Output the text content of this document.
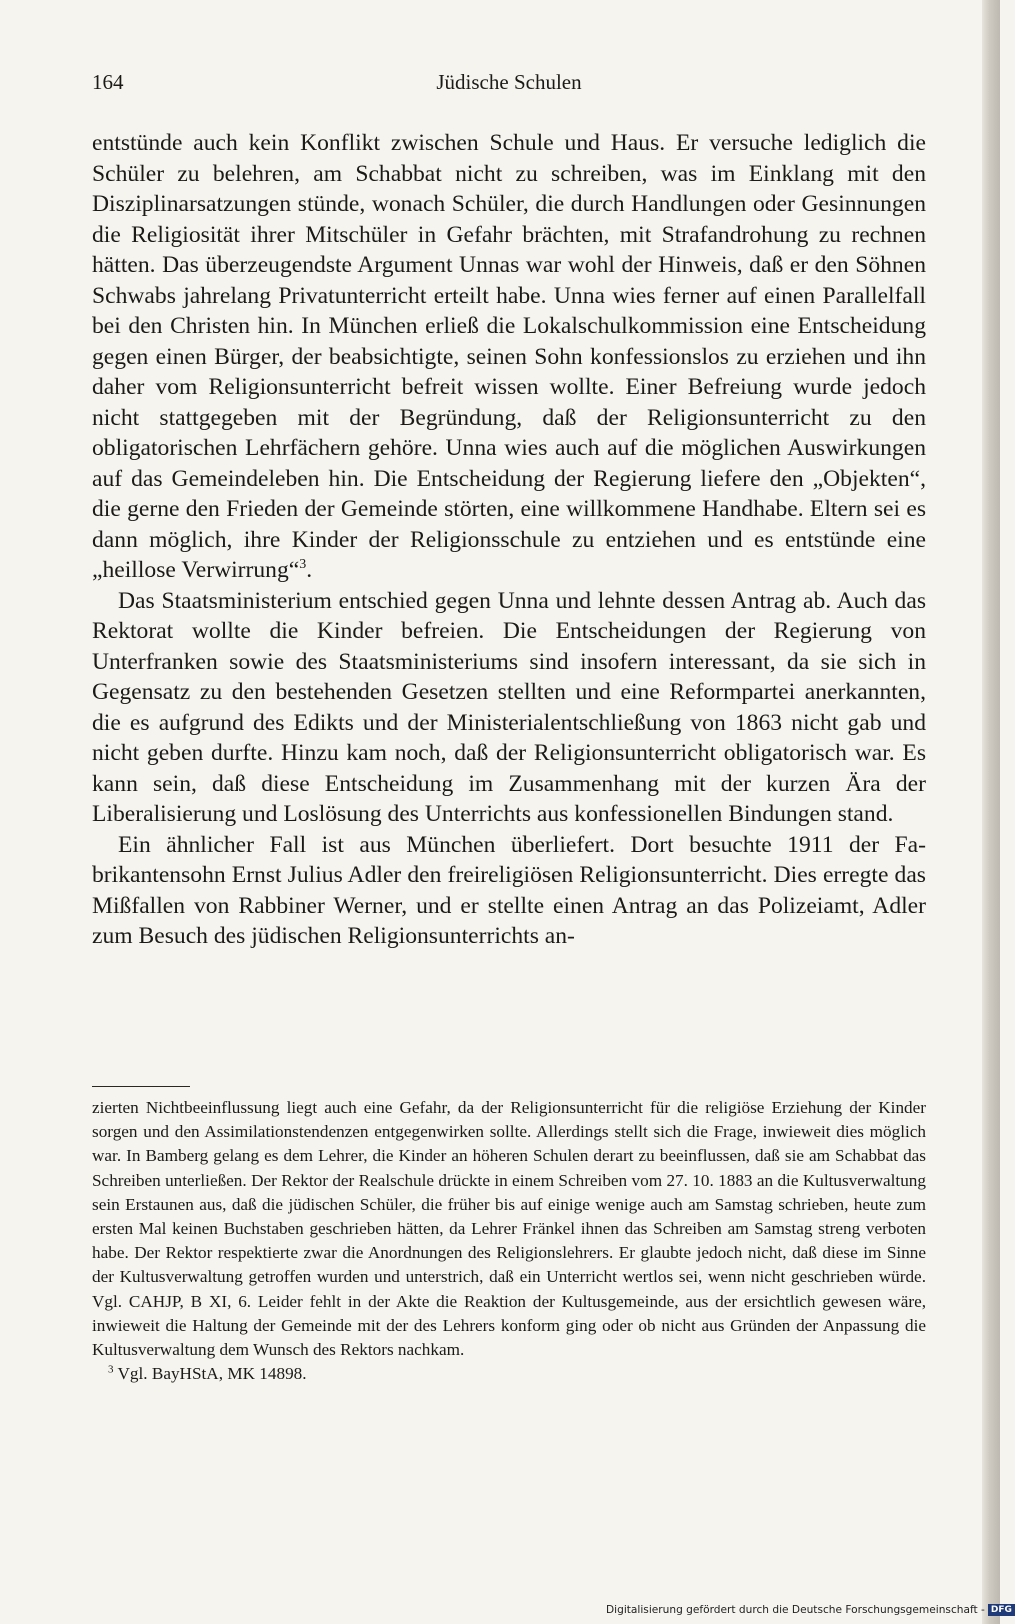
164	Jüdische Schulen

entstünde auch kein Konflikt zwischen Schule und Haus. Er versuche lediglich die Schüler zu belehren, am Schabbat nicht zu schreiben, was im Einklang mit den Disziplinarsatzungen stünde, wonach Schüler, die durch Handlungen oder Gesinnungen die Religiosität ihrer Mitschüler in Gefahr brächten, mit Strafandrohung zu rechnen hätten. Das überzeugendste Argument Unnas war wohl der Hinweis, daß er den Söhnen Schwabs jahrelang Privatunterricht erteilt habe. Unna wies ferner auf einen Parallelfall bei den Christen hin. In München erließ die Lokalschulkommission eine Entscheidung gegen einen Bürger, der beabsichtigte, seinen Sohn konfessionslos zu erziehen und ihn daher vom Religionsunterricht befreit wissen wollte. Einer Befreiung wurde jedoch nicht stattgegeben mit der Begründung, daß der Religionsunterricht zu den obligatorischen Lehrfächern gehöre. Unna wies auch auf die möglichen Auswirkungen auf das Gemeindeleben hin. Die Entscheidung der Regierung liefere den „Objekten“, die gerne den Frieden der Gemeinde störten, eine willkommene Handhabe. Eltern sei es dann möglich, ihre Kinder der Religionsschule zu entziehen und es entstünde eine „heillose Verwirrung“$^3$.

Das Staatsministerium entschied gegen Unna und lehnte dessen Antrag ab. Auch das Rektorat wollte die Kinder befreien. Die Entscheidungen der Regierung von Unterfranken sowie des Staatsministeriums sind insofern interessant, da sie sich in Gegensatz zu den bestehenden Gesetzen stellten und eine Reformpartei anerkannten, die es aufgrund des Edikts und der Ministerialentschließung von 1863 nicht gab und nicht geben durfte. Hinzu kam noch, daß der Religionsunterricht obligatorisch war. Es kann sein, daß diese Entscheidung im Zusammenhang mit der kurzen Ära der Liberalisierung und Loslösung des Unterrichts aus konfessionellen Bindungen stand.

Ein ähnlicher Fall ist aus München überliefert. Dort besuchte 1911 der Fabrikantensohn Ernst Julius Adler den freireligiösen Religionsunterricht. Dies erregte das Mißfallen von Rabbiner Werner, und er stellte einen Antrag an das Polizeiamt, Adler zum Besuch des jüdischen Religionsunterrichts an-

zierten Nichtbeeinflussung liegt auch eine Gefahr, da der Religionsunterricht für die religiöse Erziehung der Kinder sorgen und den Assimilationstendenzen entgegenwirken sollte. Allerdings stellt sich die Frage, inwieweit dies möglich war. In Bamberg gelang es dem Lehrer, die Kinder an höheren Schulen derart zu beeinflussen, daß sie am Schabbat das Schreiben unterließen. Der Rektor der Realschule drückte in einem Schreiben vom 27. 10. 1883 an die Kultusverwaltung sein Erstaunen aus, daß die jüdischen Schüler, die früher bis auf einige wenige auch am Samstag schrieben, heute zum ersten Mal keinen Buchstaben geschrieben hätten, da Lehrer Fränkel ihnen das Schreiben am Samstag streng verboten habe. Der Rektor respektierte zwar die Anordnungen des Religionslehrers. Er glaubte jedoch nicht, daß diese im Sinne der Kultusverwaltung getroffen wurden und unterstrich, daß ein Unterricht wertlos sei, wenn nicht geschrieben würde. Vgl. CAHJP, B XI, 6. Leider fehlt in der Akte die Reaktion der Kultusgemeinde, aus der ersichtlich gewesen wäre, inwieweit die Haltung der Gemeinde mit der des Lehrers konform ging oder ob nicht aus Gründen der Anpassung die Kultusverwaltung dem Wunsch des Rektors nachkam.

$^3$ Vgl. BayHStA, MK 14898.

Digitalisierung gefördert durch die Deutsche Forschungsgemeinschaft - DFG
